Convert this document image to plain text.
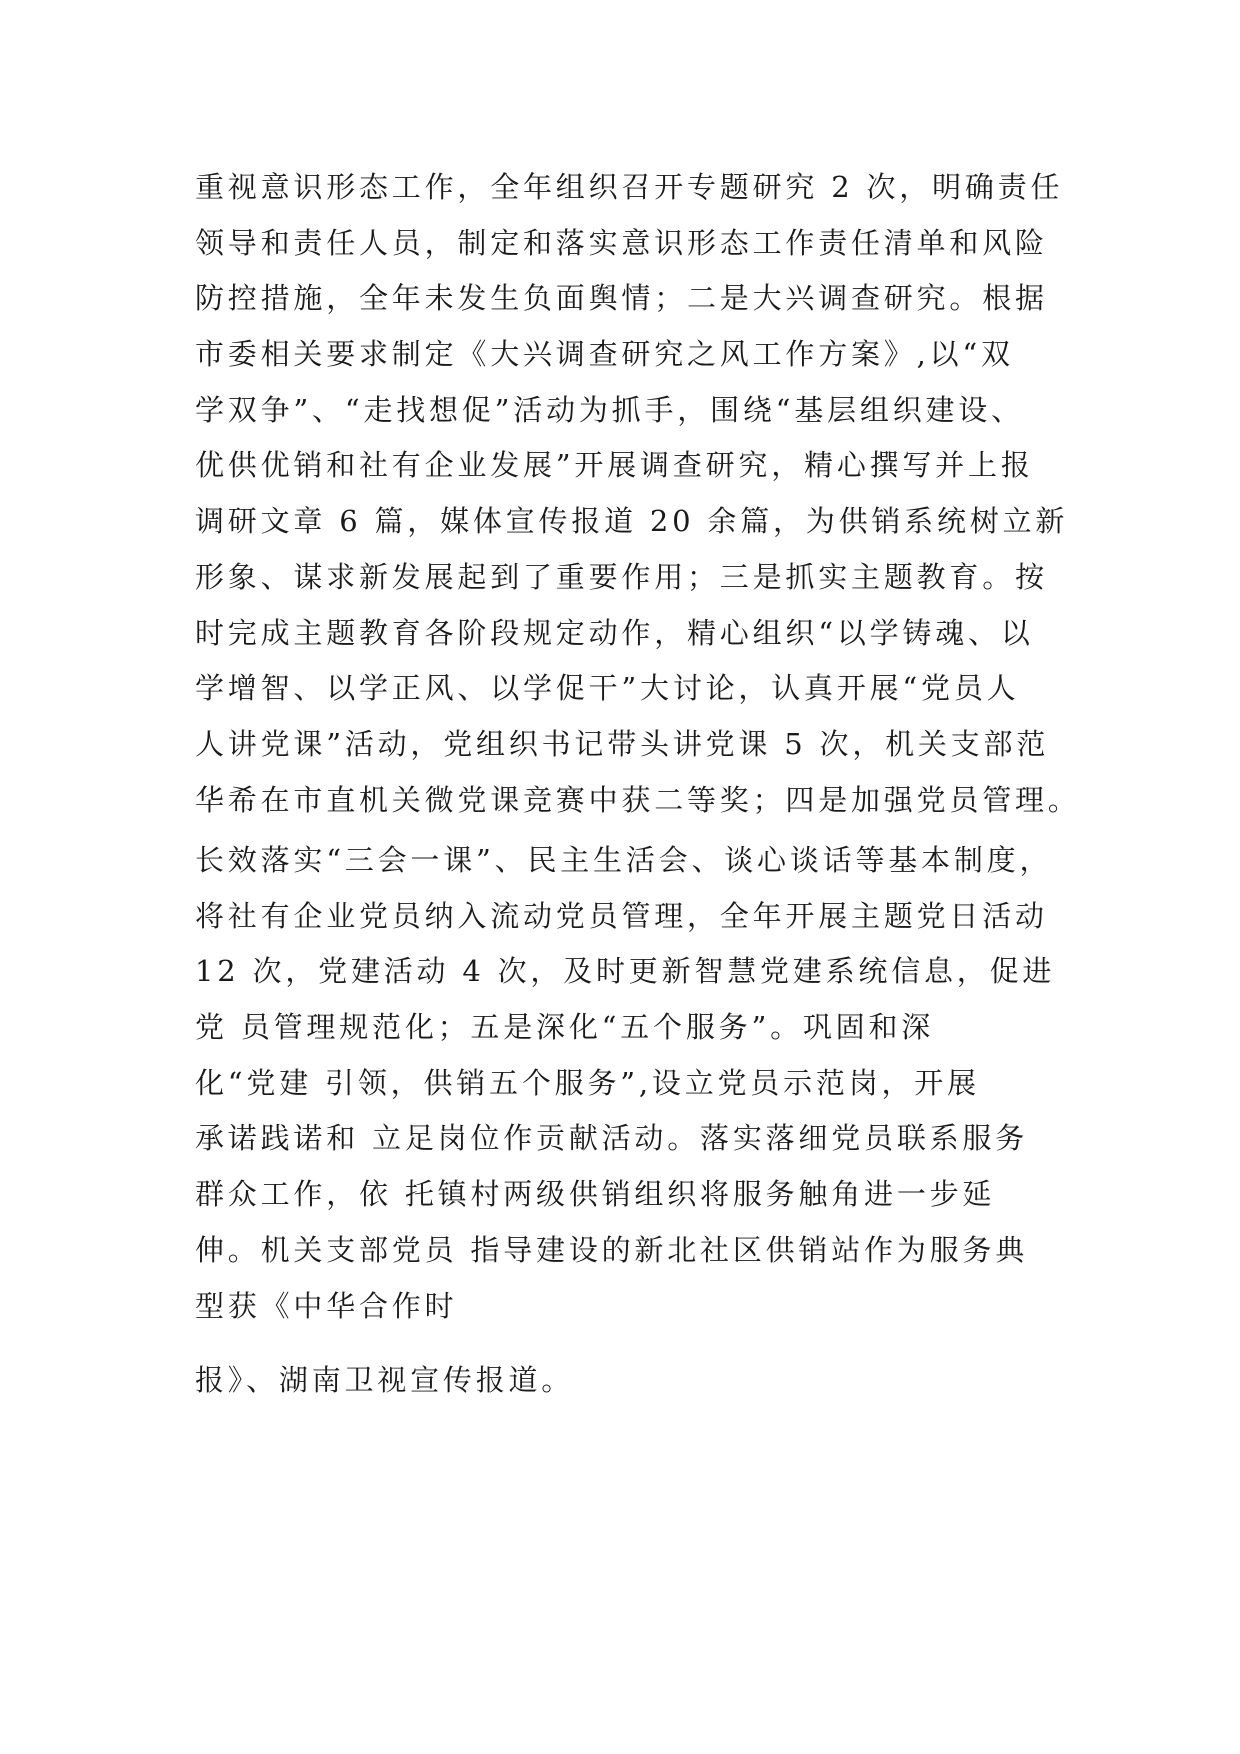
重视意识形态工作，全年组织召开专题研究 2 次，明确责任

领导和责任人员，制定和落实意识形态工作责任清单和风险

防控措施，全年未发生负面舆情；二是大兴调查研究。根据

市委相关要求制定《大兴调查研究之风工作方案》,以“双

学双争”、“走找想促”活动为抓手，围绕“基层组织建设、

优供优销和社有企业发展”开展调查研究，精心撰写并上报

调研文章 6 篇，媒体宣传报道 20 余篇，为供销系统树立新

形象、谋求新发展起到了重要作用；三是抓实主题教育。按

时完成主题教育各阶段规定动作，精心组织“以学铸魂、以

学增智、以学正风、以学促干”大讨论，认真开展“党员人

人讲党课”活动，党组织书记带头讲党课 5 次，机关支部范

华希在市直机关微党课竞赛中获二等奖；四是加强党员管理。

长效落实“三会一课”、民主生活会、谈心谈话等基本制度，

将社有企业党员纳入流动党员管理，全年开展主题党日活动

12 次，党建活动 4 次，及时更新智慧党建系统信息，促进

党 员管理规范化；五是深化“五个服务”。巩固和深

化“党建 引领，供销五个服务”,设立党员示范岗，开展

承诺践诺和 立足岗位作贡献活动。落实落细党员联系服务

群众工作，依 托镇村两级供销组织将服务触角进一步延

伸。机关支部党员 指导建设的新北社区供销站作为服务典

型获《中华合作时

报》、湖南卫视宣传报道。
